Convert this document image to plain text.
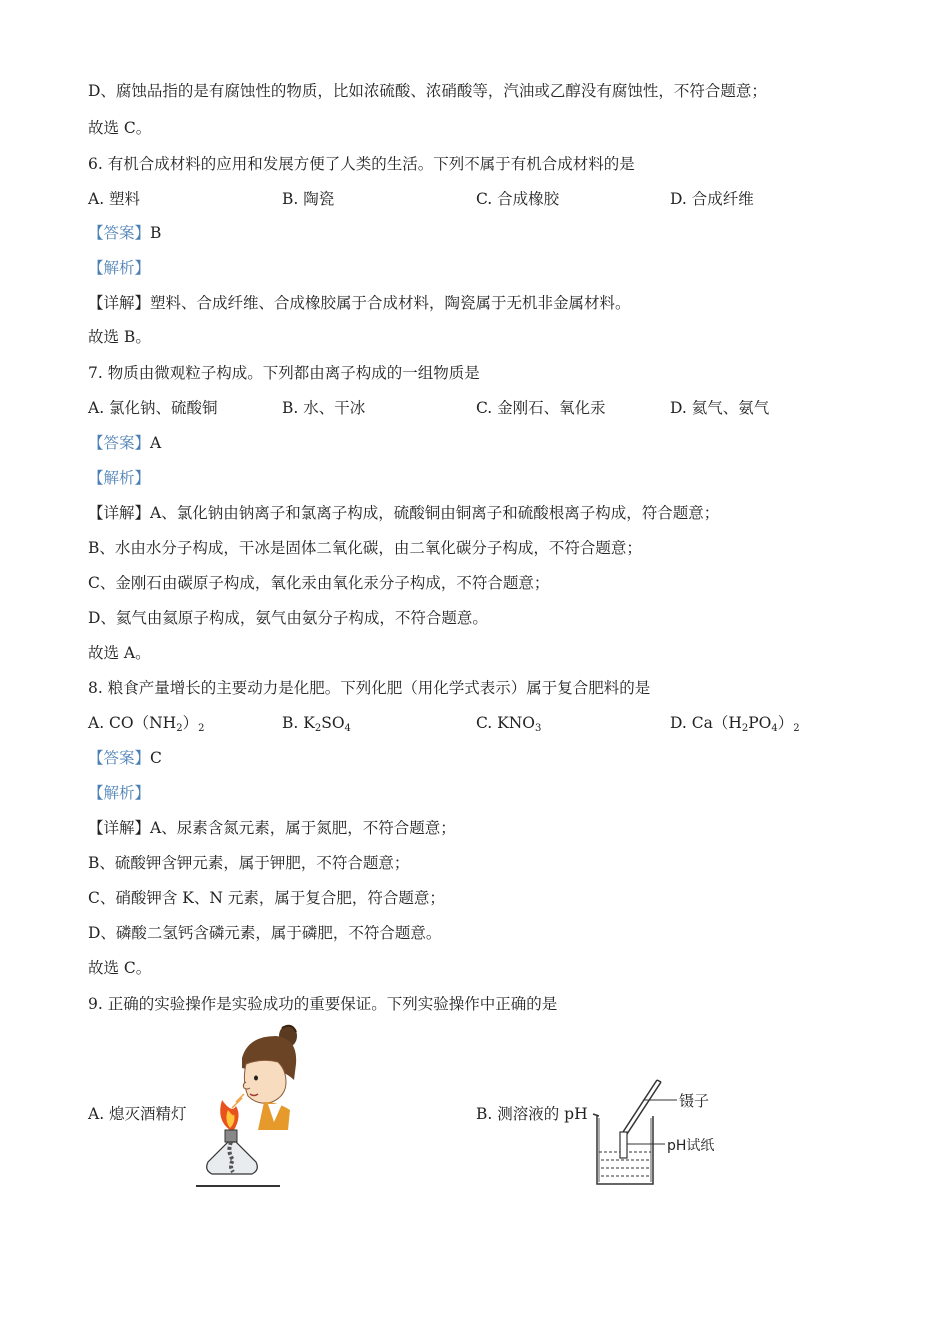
D、腐蚀品指的是有腐蚀性的物质，比如浓硫酸、浓硝酸等，汽油或乙醇没有腐蚀性，不符合题意；
故选 C。
6. 有机合成材料的应用和发展方便了人类的生活。下列不属于有机合成材料的是
A. 塑料	B. 陶瓷	C. 合成橡胶	D. 合成纤维
【答案】B
【解析】
【详解】塑料、合成纤维、合成橡胶属于合成材料，陶瓷属于无机非金属材料。
故选 B。
7. 物质由微观粒子构成。下列都由离子构成的一组物质是
A. 氯化钠、硫酸铜	B. 水、干冰	C. 金刚石、氧化汞	D. 氦气、氨气
【答案】A
【解析】
【详解】A、氯化钠由钠离子和氯离子构成，硫酸铜由铜离子和硫酸根离子构成，符合题意；
B、水由水分子构成，干冰是固体二氧化碳，由二氧化碳分子构成，不符合题意；
C、金刚石由碳原子构成，氧化汞由氧化汞分子构成，不符合题意；
D、氦气由氦原子构成，氨气由氨分子构成，不符合题意。
故选 A。
8. 粮食产量增长的主要动力是化肥。下列化肥（用化学式表示）属于复合肥料的是
A. $CO(NH_2)_2$	B. $K_2SO_4$	C. $KNO_3$	D. $Ca(H_2PO_4)_2$
【答案】C
【解析】
【详解】A、尿素含氮元素，属于氮肥，不符合题意；
B、硫酸钾含钾元素，属于钾肥，不符合题意；
C、硝酸钾含 K、N 元素，属于复合肥，符合题意；
D、磷酸二氢钙含磷元素，属于磷肥，不符合题意。
故选 C。
9. 正确的实验操作是实验成功的重要保证。下列实验操作中正确的是
A. 熄灭酒精灯	B. 测溶液的 pH
镊子
pH试纸
